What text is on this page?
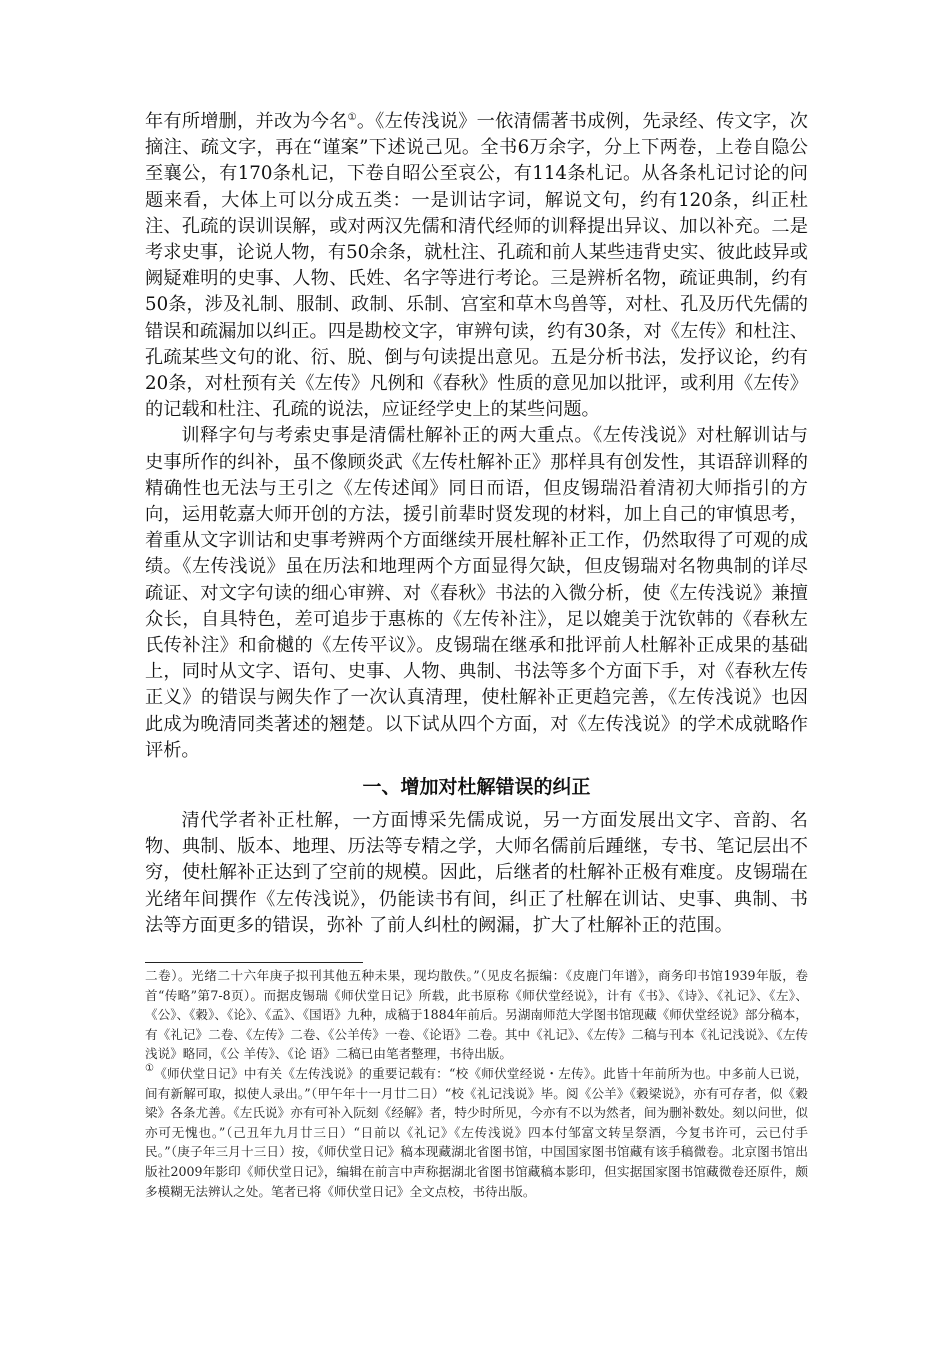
年有所增删，并改为今名①。《左传浅说》一依清儒著书成例，先录经、传文字，次摘注、疏文字，再在“谨案”下述说己见。全书6万余字，分上下两卷，上卷自隐公至襄公，有170条札记，下卷自昭公至哀公，有114条札记。从各条札记讨论的问题来看，大体上可以分成五类：一是训诂字词，解说文句，约有120条，纠正杜注、孔疏的误训误解，或对两汉先儒和清代经师的训释提出异议、加以补充。二是考求史事，论说人物，有50余条，就杜注、孔疏和前人某些违背史实、彼此歧异或阙疑难明的史事、人物、氏姓、名字等进行考论。三是辨析名物，疏证典制，约有50条，涉及礼制、服制、政制、乐制、宫室和草木鸟兽等，对杜、孔及历代先儒的错误和疏漏加以纠正。四是勘校文字，审辨句读，约有30条，对《左传》和杜注、孔疏某些文句的讹、衍、脱、倒与句读提出意见。五是分析书法，发抒议论，约有20条，对杜预有关《左传》凡例和《春秋》性质的意见加以批评，或利用《左传》的记载和杜注、孔疏的说法，应证经学史上的某些问题。

训释字句与考索史事是清儒杜解补正的两大重点。《左传浅说》对杜解训诂与史事所作的纠补，虽不像顾炎武《左传杜解补正》那样具有创发性，其语辞训释的精确性也无法与王引之《左传述闻》同日而语，但皮锡瑞沿着清初大师指引的方向，运用乾嘉大师开创的方法，援引前辈时贤发现的材料，加上自己的审慎思考，着重从文字训诂和史事考辨两个方面继续开展杜解补正工作，仍然取得了可观的成绩。《左传浅说》虽在历法和地理两个方面显得欠缺，但皮锡瑞对名物典制的详尽疏证、对文字句读的细心审辨、对《春秋》书法的入微分析，使《左传浅说》兼擅众长，自具特色，差可追步于惠栋的《左传补注》，足以媲美于沈钦韩的《春秋左氏传补注》和俞樾的《左传平议》。皮锡瑞在继承和批评前人杜解补正成果的基础上，同时从文字、语句、史事、人物、典制、书法等多个方面下手，对《春秋左传正义》的错误与阙失作了一次认真清理，使杜解补正更趋完善，《左传浅说》也因此成为晚清同类著述的翘楚。以下试从四个方面，对《左传浅说》的学术成就略作评析。

一、增加对杜解错误的纠正

清代学者补正杜解，一方面博采先儒成说，另一方面发展出文字、音韵、名物、典制、版本、地理、历法等专精之学，大师名儒前后踵继，专书、笔记层出不穷，使杜解补正达到了空前的规模。因此，后继者的杜解补正极有难度。皮锡瑞在光绪年间撰作《左传浅说》，仍能读书有间，纠正了杜解在训诂、史事、典制、书法等方面更多的错误，弥补 了前人纠杜的阙漏，扩大了杜解补正的范围。

二卷）。光绪二十六年庚子拟刊其他五种未果，现均散佚。”（见皮名振编：《皮鹿门年谱》，商务印书馆1939年版，卷首“传略”第7-8页）。而据皮锡瑞《师伏堂日记》所载，此书原称《师伏堂经说》，计有《书》、《诗》、《礼记》、《左》、《公》、《穀》、《论》、《孟》、《国语》九种，成稿于1884年前后。另湖南师范大学图书馆现藏《师伏堂经说》部分稿本，有《礼记》二卷、《左传》二卷、《公羊传》一卷、《论语》二卷。其中《礼记》、《左传》二稿与刊本《礼记浅说》、《左传浅说》略同，《公 羊传》、《论 语》二稿已由笔者整理，书待出版。

①《师伏堂日记》中有关《左传浅说》的重要记载有：“校《师伏堂经说・左传》。此皆十年前所为也。中多前人已说，间有新解可取，拟使人录出。”（甲午年十一月廿二日）“校《礼记浅说》毕。阅《公羊》《穀梁说》，亦有可存者，似《穀梁》各条尤善。《左氏说》亦有可补入阮刻《经解》者，特少时所见，今亦有不以为然者，间为删补数处。刻以问世，似亦可无愧也。”（己丑年九月廿三日）“日前以《礼记》《左传浅说》四本付邹富文转呈祭酒，今复书许可，云已付手民。”（庚子年三月十三日）按，《师伏堂日记》稿本现藏湖北省图书馆，中国国家图书馆藏有该手稿微卷。北京图书馆出版社2009年影印《师伏堂日记》，编辑在前言中声称据湖北省图书馆藏稿本影印，但实据国家图书馆藏微卷还原件，颇多模糊无法辨认之处。笔者已将《师伏堂日记》全文点校，书待出版。
